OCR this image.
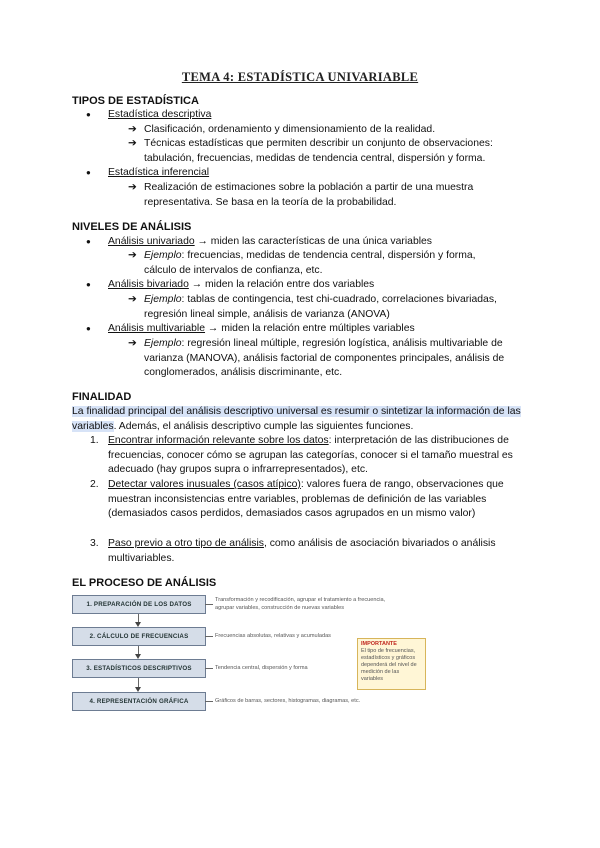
TEMA 4: ESTADÍSTICA UNIVARIABLE
TIPOS DE ESTADÍSTICA
● Estadística descriptiva
➔ Clasificación, ordenamiento y dimensionamiento de la realidad.
➔ Técnicas estadísticas que permiten describir un conjunto de observaciones: tabulación, frecuencias, medidas de tendencia central, dispersión y forma.
● Estadística inferencial
➔ Realización de estimaciones sobre la población a partir de una muestra representativa. Se basa en la teoría de la probabilidad.
NIVELES DE ANÁLISIS
● Análisis univariado → miden las características de una única variables
➔ Ejemplo: frecuencias, medidas de tendencia central, dispersión y forma, cálculo de intervalos de confianza, etc.
● Análisis bivariado → miden la relación entre dos variables
➔ Ejemplo: tablas de contingencia, test chi-cuadrado, correlaciones bivariadas, regresión lineal simple, análisis de varianza (ANOVA)
● Análisis multivariable → miden la relación entre múltiples variables
➔ Ejemplo: regresión lineal múltiple, regresión logística, análisis multivariable de varianza (MANOVA), análisis factorial de componentes principales, análisis de conglomerados, análisis discriminante, etc.
FINALIDAD
La finalidad principal del análisis descriptivo universal es resumir o sintetizar la información de las variables. Además, el análisis descriptivo cumple las siguientes funciones.
1. Encontrar información relevante sobre los datos: interpretación de las distribuciones de frecuencias, conocer cómo se agrupan las categorías, conocer si el tamaño muestral es adecuado (hay grupos supra o infrarrepresentados), etc.
2. Detectar valores inusuales (casos atípico): valores fuera de rango, observaciones que muestran inconsistencias entre variables, problemas de definición de las variables (demasiados casos perdidos, demasiados casos agrupados en un mismo valor)
3. Paso previo a otro tipo de análisis, como análisis de asociación bivariados o análisis multivariables.
EL PROCESO DE ANÁLISIS
1. PREPARACIÓN DE LOS DATOS
2. CÁLCULO DE FRECUENCIAS
3. ESTADÍSTICOS DESCRIPTIVOS
4. REPRESENTACIÓN GRÁFICA
Transformación y recodificación, agrupar el tratamiento a frecuencia, agrupar variables, construcción de nuevas variables
Frecuencias absolutas, relativas y acumuladas
Tendencia central, dispersión y forma
Gráficos de barras, sectores, histogramas, diagramas, etc.
IMPORTANTE
El tipo de frecuencias, estadísticos y gráficos dependerá del nivel de medición de las variables
